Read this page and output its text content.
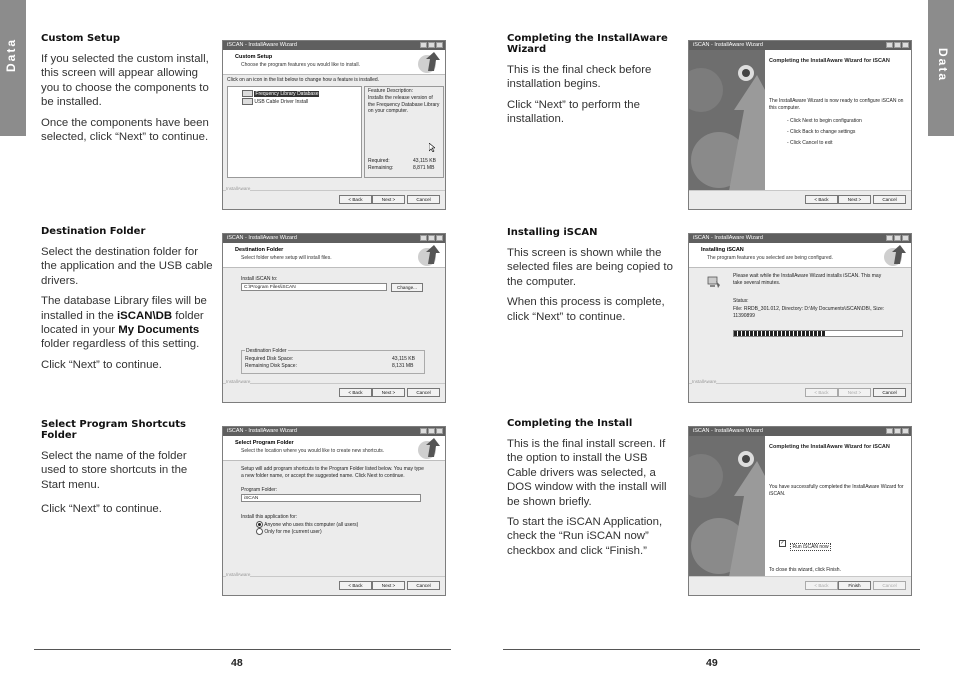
Data	Data
Custom Setup

If you selected the custom install, this screen will appear allowing you to choose the components to be installed.

Once the components have been selected, click “Next” to continue.

Destination Folder

Select the destination folder for the application and the USB cable drivers.

The database Library files will be installed in the iSCAN\DB folder located in your My Documents folder regardless of this setting.

Click “Next” to continue.

Select Program Shortcuts Folder

Select the name of the folder used to store shortcuts in the Start menu.

Click “Next” to continue.

Completing the InstallAware Wizard

This is the final check before installation begins.

Click “Next” to perform the installation.

Installing iSCAN

This screen is shown while the selected files are being copied to the computer.

When this process is complete, click “Next” to continue.

Completing the Install

This is the final install screen. If the option to install the USB Cable drivers was selected, a DOS window with the install will be shown briefly.

To start the iSCAN Application, check the “Run iSCAN now” checkbox and click “Finish.”

iSCAN - InstallAware Wizard
Custom Setup
Choose the program features you would like to install.
Click on an icon in the list below to change how a feature is installed.
Frequency Library Database
USB Cable Driver Install
Feature Description:
Installs the release version of the Frequency Database Library on your computer.
Required:	43,115 KB
Remaining:	8,871 MB
InstallAware
< Back	Next >	Cancel
iSCAN - InstallAware Wizard
Destination Folder
Select folder where setup will install files.
Install iSCAN to:
C:\Program Files\iSCAN	Change...
Destination Folder
Required Disk Space:	43,115 KB
Remaining Disk Space:	8,131 MB
InstallAware
< Back	Next >	Cancel
iSCAN - InstallAware Wizard
Select Program Folder
Select the location where you would like to create new shortcuts.
Setup will add program shortcuts to the Program Folder listed below. You may type a new folder name, or accept the suggested name. Click Next to continue.
Program Folder:
iSCAN
Install this application for:
Anyone who uses this computer (all users)
Only for me (current user)
InstallAware
< Back	Next >	Cancel
iSCAN - InstallAware Wizard
Completing the InstallAware Wizard for iSCAN
The InstallAware Wizard is now ready to configure iSCAN on this computer.
- Click Next to begin configuration
- Click Back to change settings
- Click Cancel to exit
< Back	Next >	Cancel
iSCAN - InstallAware Wizard
Installing iSCAN
The program features you selected are being configured.
Please wait while the InstallAware Wizard installs iSCAN. This may take several minutes.
Status:
File: RRDB_301.012, Directory: D:\My Documents\iSCAN\DB\, Size: 11390899
InstallAware
< Back	Next >	Cancel
iSCAN - InstallAware Wizard
Completing the InstallAware Wizard for iSCAN
You have successfully completed the InstallAware Wizard for iSCAN.
✓ Run iSCAN now
To close this wizard, click Finish.
< Back	Finish	Cancel
48	49
